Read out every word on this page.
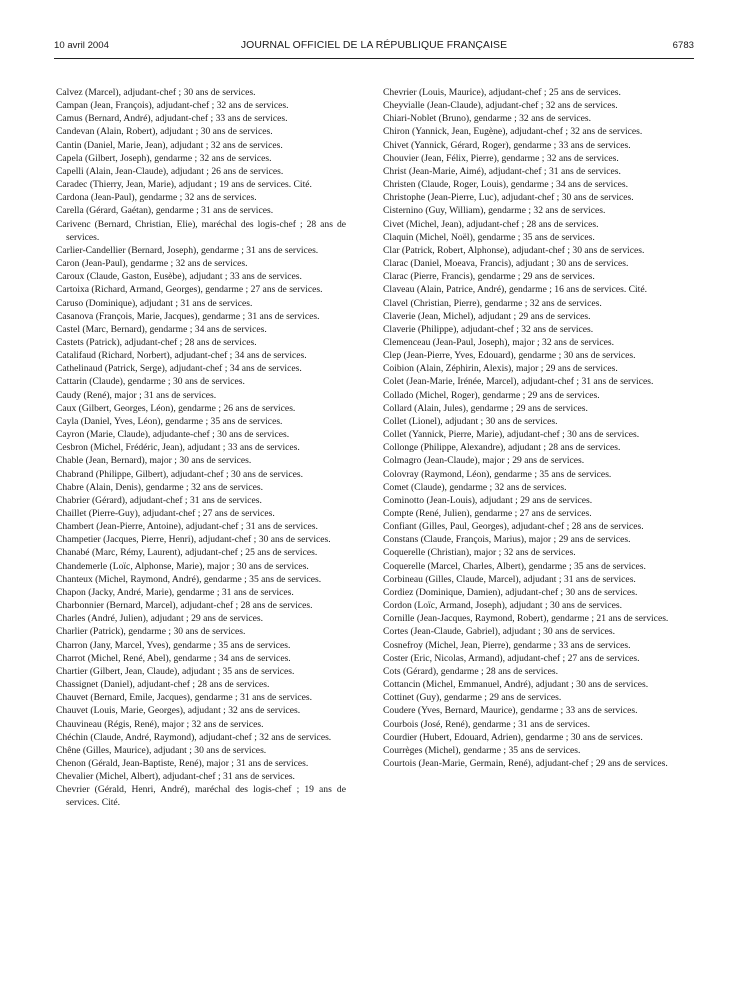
10 avril 2004	JOURNAL OFFICIEL DE LA RÉPUBLIQUE FRANÇAISE	6783

Calvez (Marcel), adjudant-chef ; 30 ans de services.

Campan (Jean, François), adjudant-chef ; 32 ans de services.

Camus (Bernard, André), adjudant-chef ; 33 ans de services.

Candevan (Alain, Robert), adjudant ; 30 ans de services.

Cantin (Daniel, Marie, Jean), adjudant ; 32 ans de services.

Capela (Gilbert, Joseph), gendarme ; 32 ans de services.

Capelli (Alain, Jean-Claude), adjudant ; 26 ans de services.

Caradec (Thierry, Jean, Marie), adjudant ; 19 ans de services. Cité.

Cardona (Jean-Paul), gendarme ; 32 ans de services.

Carella (Gérard, Gaétan), gendarme ; 31 ans de services.

Carivenc (Bernard, Christian, Elie), maréchal des logis-chef ; 28 ans de services.

Carlier-Candellier (Bernard, Joseph), gendarme ; 31 ans de services.

Caron (Jean-Paul), gendarme ; 32 ans de services.

Caroux (Claude, Gaston, Eusèbe), adjudant ; 33 ans de services.

Cartoixa (Richard, Armand, Georges), gendarme ; 27 ans de services.

Caruso (Dominique), adjudant ; 31 ans de services.

Casanova (François, Marie, Jacques), gendarme ; 31 ans de services.

Castel (Marc, Bernard), gendarme ; 34 ans de services.

Castets (Patrick), adjudant-chef ; 28 ans de services.

Catalifaud (Richard, Norbert), adjudant-chef ; 34 ans de services.

Cathelinaud (Patrick, Serge), adjudant-chef ; 34 ans de services.

Cattarin (Claude), gendarme ; 30 ans de services.

Caudy (René), major ; 31 ans de services.

Caux (Gilbert, Georges, Léon), gendarme ; 26 ans de services.

Cayla (Daniel, Yves, Léon), gendarme ; 35 ans de services.

Cayron (Marie, Claude), adjudante-chef ; 30 ans de services.

Cesbron (Michel, Frédéric, Jean), adjudant ; 33 ans de services.

Chable (Jean, Bernard), major ; 30 ans de services.

Chabrand (Philippe, Gilbert), adjudant-chef ; 30 ans de services.

Chabre (Alain, Denis), gendarme ; 32 ans de services.

Chabrier (Gérard), adjudant-chef ; 31 ans de services.

Chaillet (Pierre-Guy), adjudant-chef ; 27 ans de services.

Chambert (Jean-Pierre, Antoine), adjudant-chef ; 31 ans de services.

Champetier (Jacques, Pierre, Henri), adjudant-chef ; 30 ans de services.

Chanabé (Marc, Rémy, Laurent), adjudant-chef ; 25 ans de services.

Chandemerle (Loïc, Alphonse, Marie), major ; 30 ans de services.

Chanteux (Michel, Raymond, André), gendarme ; 35 ans de services.

Chapon (Jacky, André, Marie), gendarme ; 31 ans de services.

Charbonnier (Bernard, Marcel), adjudant-chef ; 28 ans de services.

Charles (André, Julien), adjudant ; 29 ans de services.

Charlier (Patrick), gendarme ; 30 ans de services.

Charron (Jany, Marcel, Yves), gendarme ; 35 ans de services.

Charrot (Michel, René, Abel), gendarme ; 34 ans de services.

Chartier (Gilbert, Jean, Claude), adjudant ; 35 ans de services.

Chassignet (Daniel), adjudant-chef ; 28 ans de services.

Chauvet (Bernard, Emile, Jacques), gendarme ; 31 ans de services.

Chauvet (Louis, Marie, Georges), adjudant ; 32 ans de services.

Chauvineau (Régis, René), major ; 32 ans de services.

Chéchin (Claude, André, Raymond), adjudant-chef ; 32 ans de services.

Chêne (Gilles, Maurice), adjudant ; 30 ans de services.

Chenon (Gérald, Jean-Baptiste, René), major ; 31 ans de services.

Chevalier (Michel, Albert), adjudant-chef ; 31 ans de services.

Chevrier (Gérald, Henri, André), maréchal des logis-chef ; 19 ans de services. Cité.

Chevrier (Louis, Maurice), adjudant-chef ; 25 ans de services.

Cheyvialle (Jean-Claude), adjudant-chef ; 32 ans de services.

Chiari-Noblet (Bruno), gendarme ; 32 ans de services.

Chiron (Yannick, Jean, Eugène), adjudant-chef ; 32 ans de services.

Chivet (Yannick, Gérard, Roger), gendarme ; 33 ans de services.

Chouvier (Jean, Félix, Pierre), gendarme ; 32 ans de services.

Christ (Jean-Marie, Aimé), adjudant-chef ; 31 ans de services.

Christen (Claude, Roger, Louis), gendarme ; 34 ans de services.

Christophe (Jean-Pierre, Luc), adjudant-chef ; 30 ans de services.

Cisternino (Guy, William), gendarme ; 32 ans de services.

Civet (Michel, Jean), adjudant-chef ; 28 ans de services.

Claquin (Michel, Noël), gendarme ; 35 ans de services.

Clar (Patrick, Robert, Alphonse), adjudant-chef ; 30 ans de services.

Clarac (Daniel, Moeava, Francis), adjudant ; 30 ans de services.

Clarac (Pierre, Francis), gendarme ; 29 ans de services.

Claveau (Alain, Patrice, André), gendarme ; 16 ans de services. Cité.

Clavel (Christian, Pierre), gendarme ; 32 ans de services.

Claverie (Jean, Michel), adjudant ; 29 ans de services.

Claverie (Philippe), adjudant-chef ; 32 ans de services.

Clemenceau (Jean-Paul, Joseph), major ; 32 ans de services.

Clep (Jean-Pierre, Yves, Edouard), gendarme ; 30 ans de services.

Coibion (Alain, Zéphirin, Alexis), major ; 29 ans de services.

Colet (Jean-Marie, Irénée, Marcel), adjudant-chef ; 31 ans de services.

Collado (Michel, Roger), gendarme ; 29 ans de services.

Collard (Alain, Jules), gendarme ; 29 ans de services.

Collet (Lionel), adjudant ; 30 ans de services.

Collet (Yannick, Pierre, Marie), adjudant-chef ; 30 ans de services.

Collonge (Philippe, Alexandre), adjudant ; 28 ans de services.

Colmagro (Jean-Claude), major ; 29 ans de services.

Colovray (Raymond, Léon), gendarme ; 35 ans de services.

Comet (Claude), gendarme ; 32 ans de services.

Cominotto (Jean-Louis), adjudant ; 29 ans de services.

Compte (René, Julien), gendarme ; 27 ans de services.

Confiant (Gilles, Paul, Georges), adjudant-chef ; 28 ans de services.

Constans (Claude, François, Marius), major ; 29 ans de services.

Coquerelle (Christian), major ; 32 ans de services.

Coquerelle (Marcel, Charles, Albert), gendarme ; 35 ans de services.

Corbineau (Gilles, Claude, Marcel), adjudant ; 31 ans de services.

Cordiez (Dominique, Damien), adjudant-chef ; 30 ans de services.

Cordon (Loïc, Armand, Joseph), adjudant ; 30 ans de services.

Cornille (Jean-Jacques, Raymond, Robert), gendarme ; 21 ans de services.

Cortes (Jean-Claude, Gabriel), adjudant ; 30 ans de services.

Cosnefroy (Michel, Jean, Pierre), gendarme ; 33 ans de services.

Coster (Eric, Nicolas, Armand), adjudant-chef ; 27 ans de services.

Cots (Gérard), gendarme ; 28 ans de services.

Cottancin (Michel, Emmanuel, André), adjudant ; 30 ans de services.

Cottinet (Guy), gendarme ; 29 ans de services.

Coudere (Yves, Bernard, Maurice), gendarme ; 33 ans de services.

Courbois (José, René), gendarme ; 31 ans de services.

Courdier (Hubert, Edouard, Adrien), gendarme ; 30 ans de services.

Courrèges (Michel), gendarme ; 35 ans de services.

Courtois (Jean-Marie, Germain, René), adjudant-chef ; 29 ans de services.
